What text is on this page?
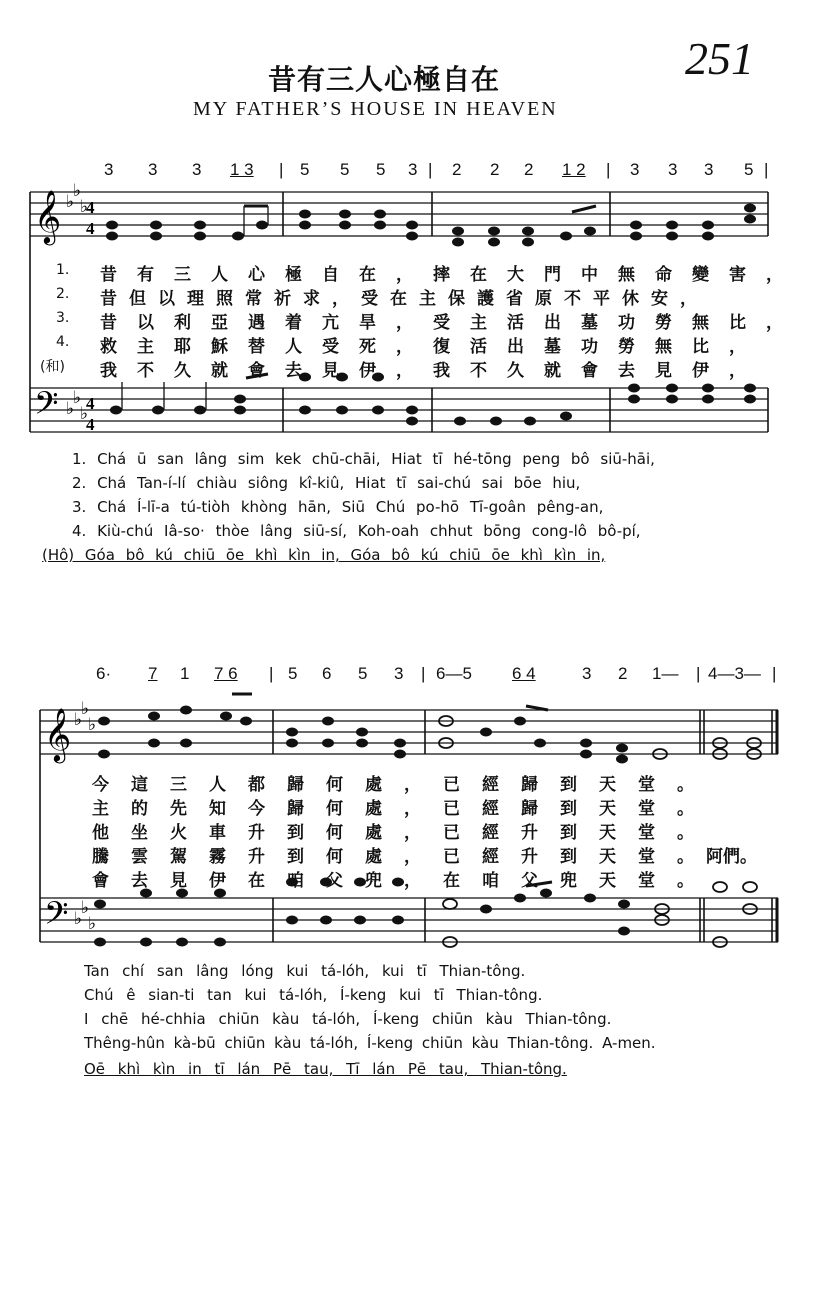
昔有三人心極自在
MY FATHER’S HOUSE IN HEAVEN
251
𝄞 ♭
♭
♭
4
4
𝄢 ♭
♭
♭
4
4
𝄞 ♭
♭
♭
𝄢 ♭
♭
♭
3 3 3 1 3 | 5 5 5 3 | 2 2 2 1 2 | 3 3 3 5 |
1.
2.
3.
4.
(和)
昔有三人心極自在，摔在大門中無命變害，
昔但以理照常祈求，受在主保護省原不平休安，
昔以利亞遇着亢旱，受主活出墓功勞無比，
救主耶穌替人受死，復活出墓功勞無比，
我不久就會去見伊，我不久就會去見伊，
1. Chá ū san lâng sim kek chū-chāi, Hiat tī hé-tōng peng bô siū-hāi,
2. Chá Tan-í-lí chiàu siông kî-kiû, Hiat tī sai-chú sai bōe hiu,
3. Chá Í-lī-a tú-tiòh khòng hān, Siū Chú po-hō Tī-goân pêng-an,
4. Kiù-chú Iâ-so· thòe lâng siū-sí, Koh-oah chhut bōng cong-lô bô-pí,
(Hô) Góa bô kú chiū ōe khì kìn in, Góa bô kú chiū ōe khì kìn in,
6· 7 1 7 6 | 5 6 5 3 | 6—5 6 4	3 2 1— | 4—3— |
今這三人都歸何處，已經歸到天堂。
主的先知今歸何處，已經歸到天堂。
他坐火車升到何處，已經升到天堂。
騰雲駕霧升到何處，已經升到天堂。
會去見伊在咱父兜，在咱父兜天堂。
阿們。
Tan chí san lâng lóng kui tá-lóh, kui tī Thian-tông.
Chú ê sian-ti tan kui tá-lóh, Í-keng kui tī Thian-tông.
I chē hé-chhia chiūn kàu tá-lóh, Í-keng chiūn kàu Thian-tông.
Thêng-hûn kà-bū chiūn kàu tá-lóh, Í-keng chiūn kàu Thian-tông. A-men.
Oē khì kìn in tī lán Pē tau, Tī lán Pē tau, Thian-tông.
